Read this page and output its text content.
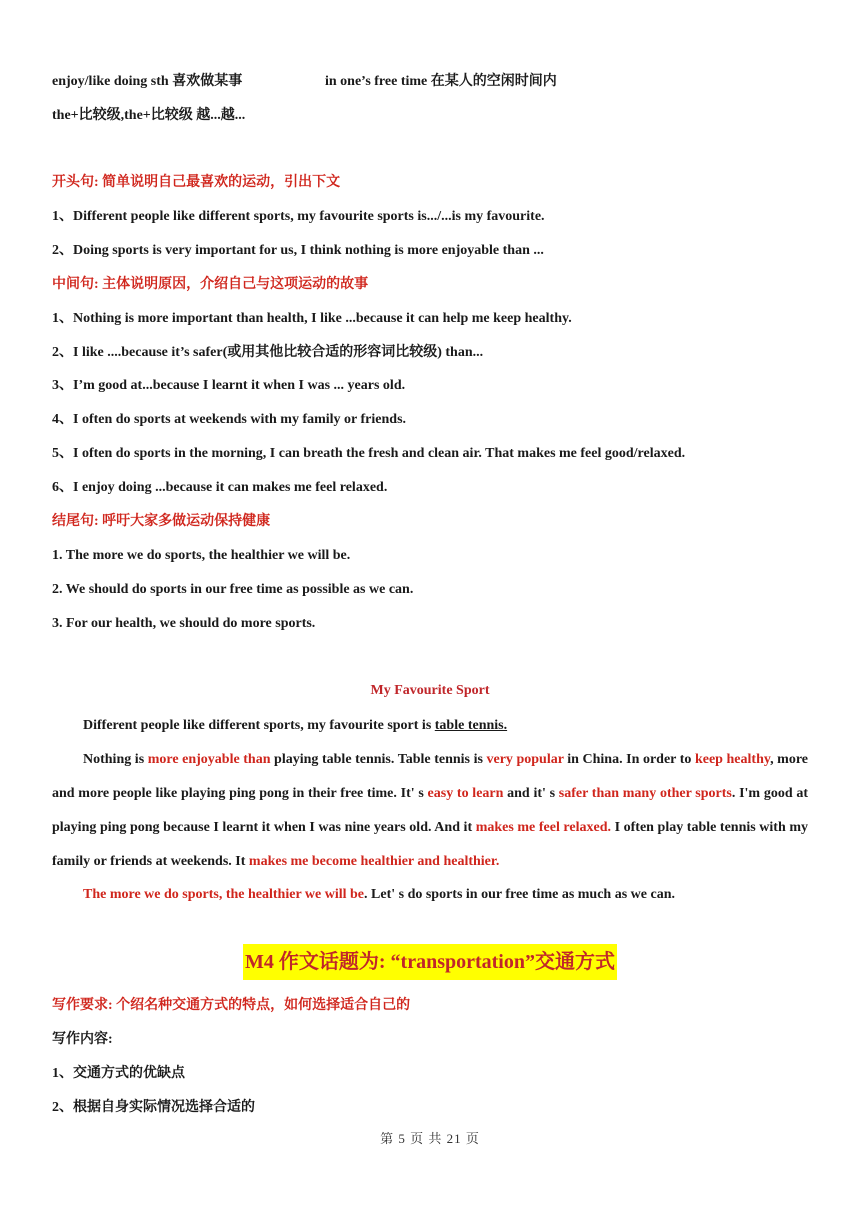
enjoy/like doing sth 喜欢做某事	in one’s free time 在某人的空闲时间内
the+比较级,the+比较级 越...越...
开头句: 简单说明自己最喜欢的运动，引出下文
1、Different people like different sports, my favourite sports is.../...is my favourite.
2、Doing sports is very important for us, I think nothing is more enjoyable than ...
中间句: 主体说明原因，介绍自己与这项运动的故事
1、Nothing is more important than health, I like ...because it can help me keep healthy.
2、I like ....because it’s safer(或用其他比较合适的形容词比较级) than...
3、I’m good at...because I learnt it when I was ... years old.
4、I often do sports at weekends with my family or friends.
5、I often do sports in the morning, I can breath the fresh and clean air. That makes me feel good/relaxed.
6、I enjoy doing ...because it can makes me feel relaxed.
结尾句: 呼吁大家多做运动保持健康
1. The more we do sports, the healthier we will be.
2. We should do sports in our free time as possible as we can.
3. For our health, we should do more sports.
My Favourite Sport
Different people like different sports, my favourite sport is table tennis.
Nothing is more enjoyable than playing table tennis. Table tennis is very popular in China. In order to keep healthy, more and more people like playing ping pong in their free time. It' s easy to learn and it' s safer than many other sports. I'm good at playing ping pong because I learnt it when I was nine years old. And it makes me feel relaxed. I often play table tennis with my family or friends at weekends. It makes me become healthier and healthier.
The more we do sports, the healthier we will be. Let' s do sports in our free time as much as we can.
M4 作文话题为: “transportation”交通方式
写作要求: 个绍名种交通方式的特点，如何选择适合自己的
写作内容:
1、交通方式的优缺点
2、根据自身实际情况选择合适的
第 5 页 共 21 页
